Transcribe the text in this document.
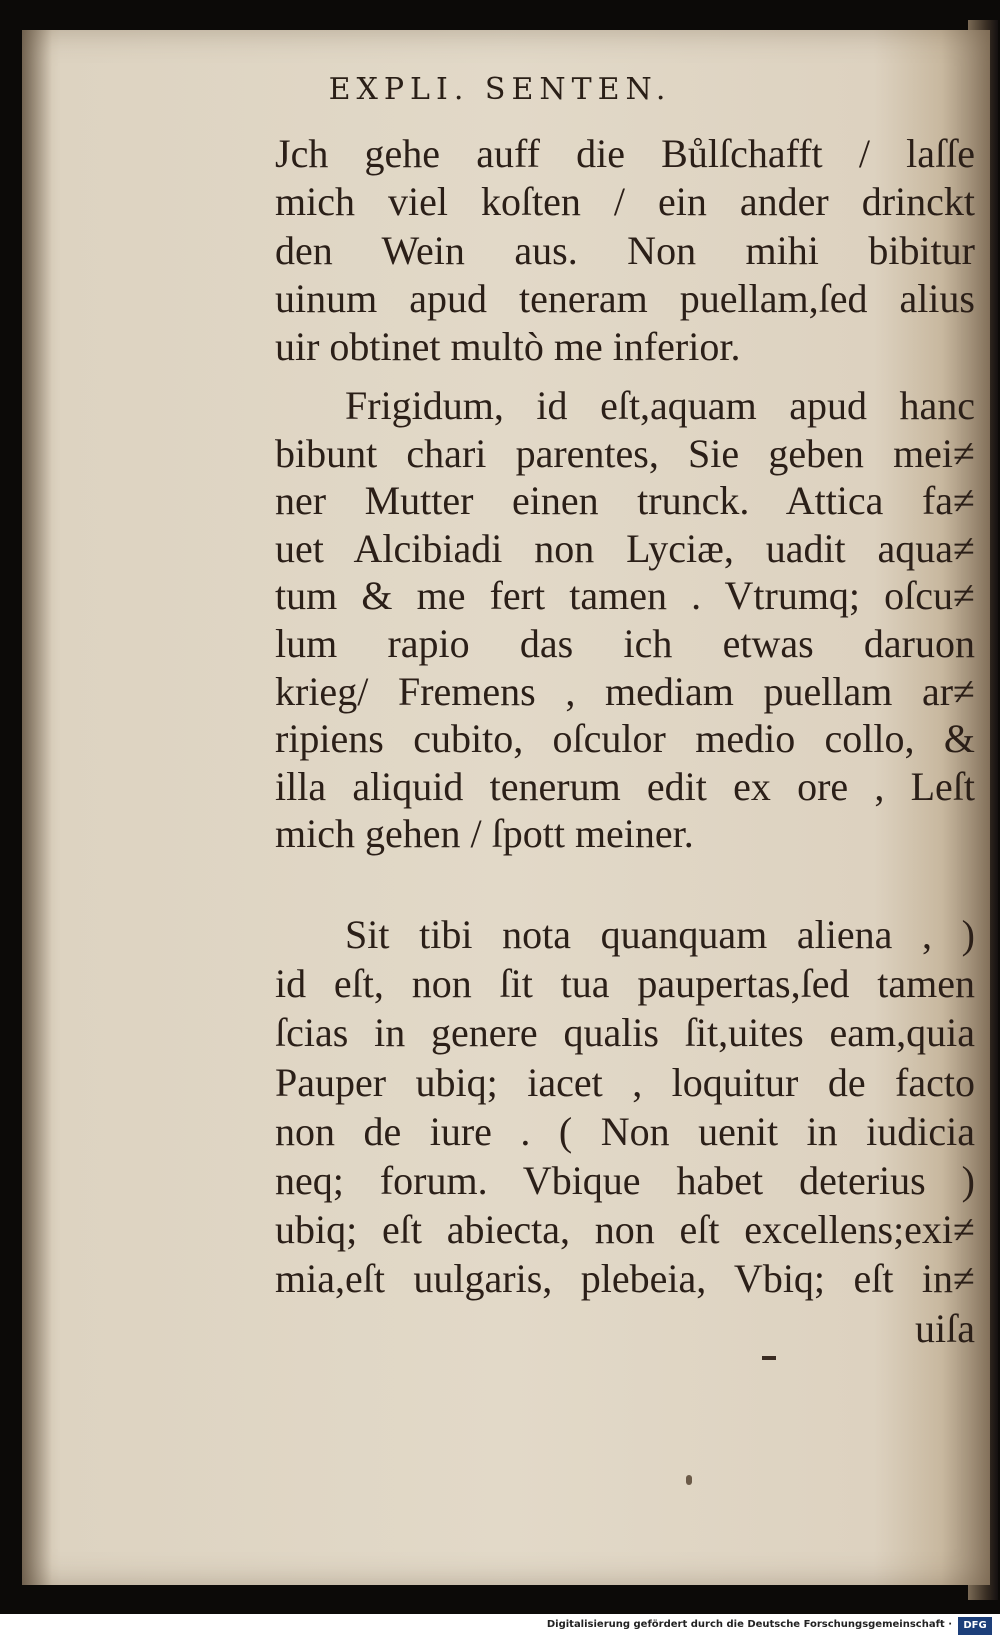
EXPLI. SENTEN.
Jch gehe auff die Bůlſchafft / laſſe
mich viel koſten / ein ander drinckt
den Wein aus. Non mihi bibitur
uinum apud teneram puellam,ſed alius
uir obtinet multò me inferior.
Frigidum, id eſt,aquam apud hanc
bibunt chari parentes, Sie geben mei≠
ner Mutter einen trunck. Attica fa≠
uet Alcibiadi non Lyciæ, uadit aqua≠
tum & me fert tamen . Vtrumq; oſcu≠
lum rapio das ich etwas daruon
krieg/ Fremens , mediam puellam ar≠
ripiens cubito, oſculor medio collo, &
illa aliquid tenerum edit ex ore , Leſt
mich gehen / ſpott meiner.
Sit tibi nota quanquam aliena , )
id eſt, non ſit tua paupertas,ſed tamen
ſcias in genere qualis ſit,uites eam,quia
Pauper ubiq; iacet , loquitur de facto
non de iure . ( Non uenit in iudicia
neq; forum. Vbique habet deterius )
ubiq; eſt abiecta, non eſt excellens;exi≠
mia,eſt uulgaris, plebeia, Vbiq; eſt in≠
uiſa
Digitalisierung gefördert durch die Deutsche Forschungsgemeinschaft ·	DFG
